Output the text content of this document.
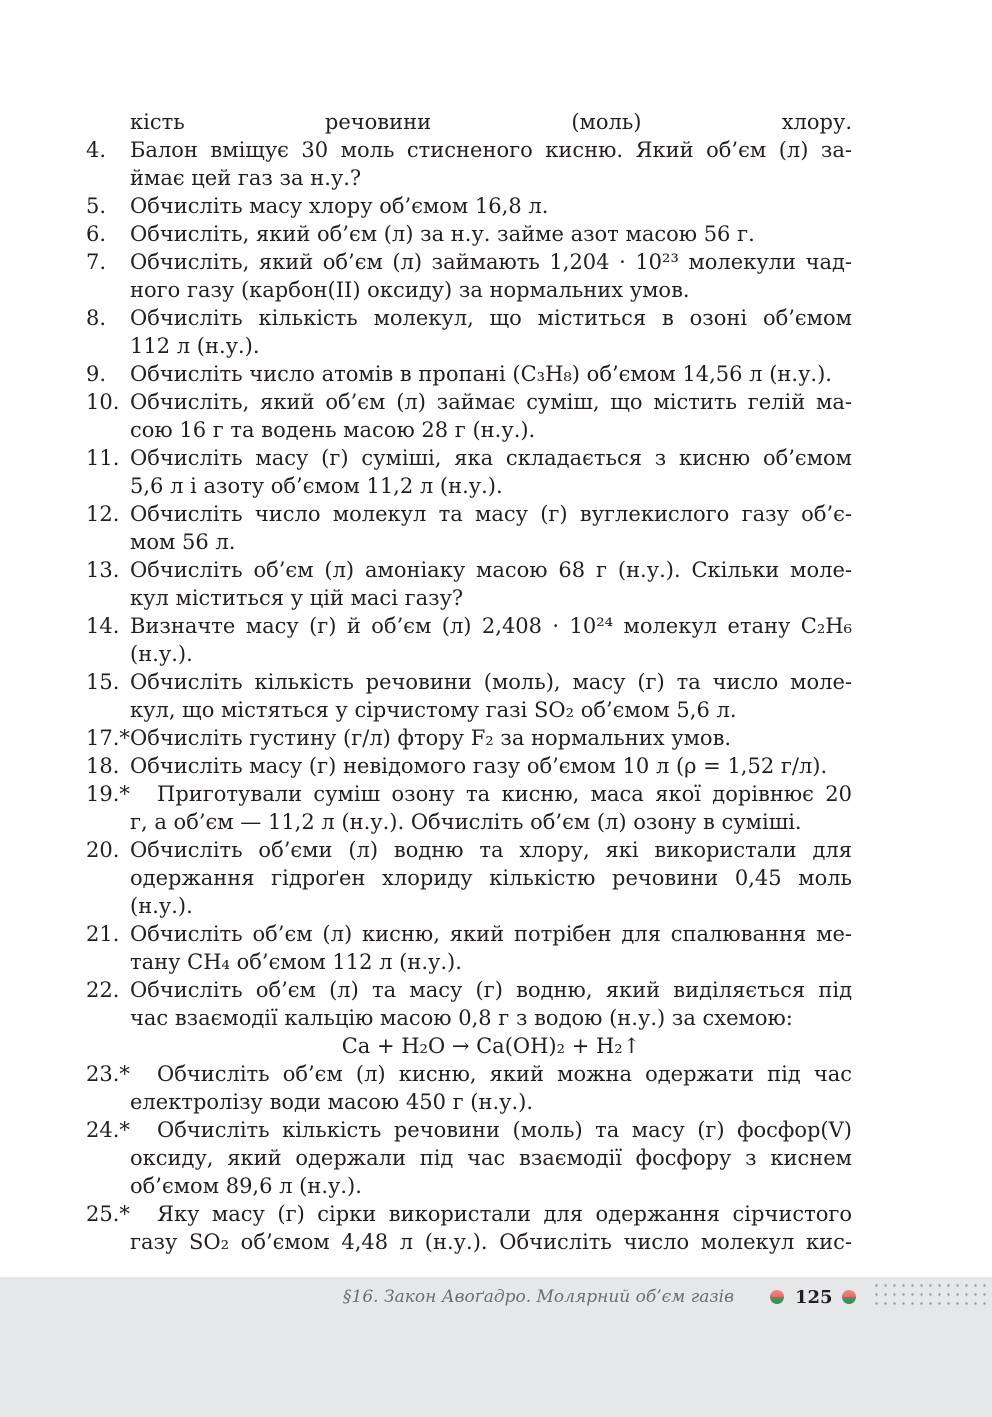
кість речовини (моль) хлору.
4. Балон вміщує 30 моль стисненого кисню. Який об’єм (л) за-
ймає цей газ за н.у.?
5. Обчисліть масу хлору об’ємом 16,8 л.
6. Обчисліть, який об’єм (л) за н.у. займе азот масою 56 г.
7. Обчисліть, який об’єм (л) займають 1,204 · 10²³ молекули чад-
ного газу (карбон(II) оксиду) за нормальних умов.
8. Обчисліть кількість молекул, що міститься в озоні об’ємом
112 л (н.у.).
9. Обчисліть число атомів в пропані (C₃H₈) об’ємом 14,56 л (н.у.).
10. Обчисліть, який об’єм (л) займає суміш, що містить гелій ма-
сою 16 г та водень масою 28 г (н.у.).
11. Обчисліть масу (г) суміші, яка складається з кисню об’ємом
5,6 л і азоту об’ємом 11,2 л (н.у.).
12. Обчисліть число молекул та масу (г) вуглекислого газу об’є-
мом 56 л.
13. Обчисліть об’єм (л) амоніаку масою 68 г (н.у.). Скільки моле-
кул міститься у цій масі газу?
14. Визначте масу (г) й об’єм (л) 2,408 · 10²⁴ молекул етану C₂H₆
(н.у.).
15. Обчисліть кількість речовини (моль), масу (г) та число моле-
кул, що містяться у сірчистому газі SO₂ об’ємом 5,6 л.
17.* Обчисліть густину (г/л) фтору F₂ за нормальних умов.
18. Обчисліть масу (г) невідомого газу об’ємом 10 л (ρ = 1,52 г/л).
19.* Приготували суміш озону та кисню, маса якої дорівнює 20
г, а об’єм — 11,2 л (н.у.). Обчисліть об’єм (л) озону в суміші.
20. Обчисліть об’єми (л) водню та хлору, які використали для
одержання гідроґен хлориду кількістю речовини 0,45 моль
(н.у.).
21. Обчисліть об’єм (л) кисню, який потрібен для спалювання ме-
тану CH₄ об’ємом 112 л (н.у.).
22. Обчисліть об’єм (л) та масу (г) водню, який виділяється під
час взаємодії кальцію масою 0,8 г з водою (н.у.) за схемою:
Ca + H₂O → Ca(OH)₂ + H₂↑
23.* Обчисліть об’єм (л) кисню, який можна одержати під час
електролізу води масою 450 г (н.у.).
24.* Обчисліть кількість речовини (моль) та масу (г) фосфор(V)
оксиду, який одержали під час взаємодії фосфору з киснем
об’ємом 89,6 л (н.у.).
25.* Яку масу (г) сірки використали для одержання сірчистого
газу SO₂ об’ємом 4,48 л (н.у.). Обчисліть число молекул кис-
§16. Закон Авоґадро. Молярний об’єм газів	125
